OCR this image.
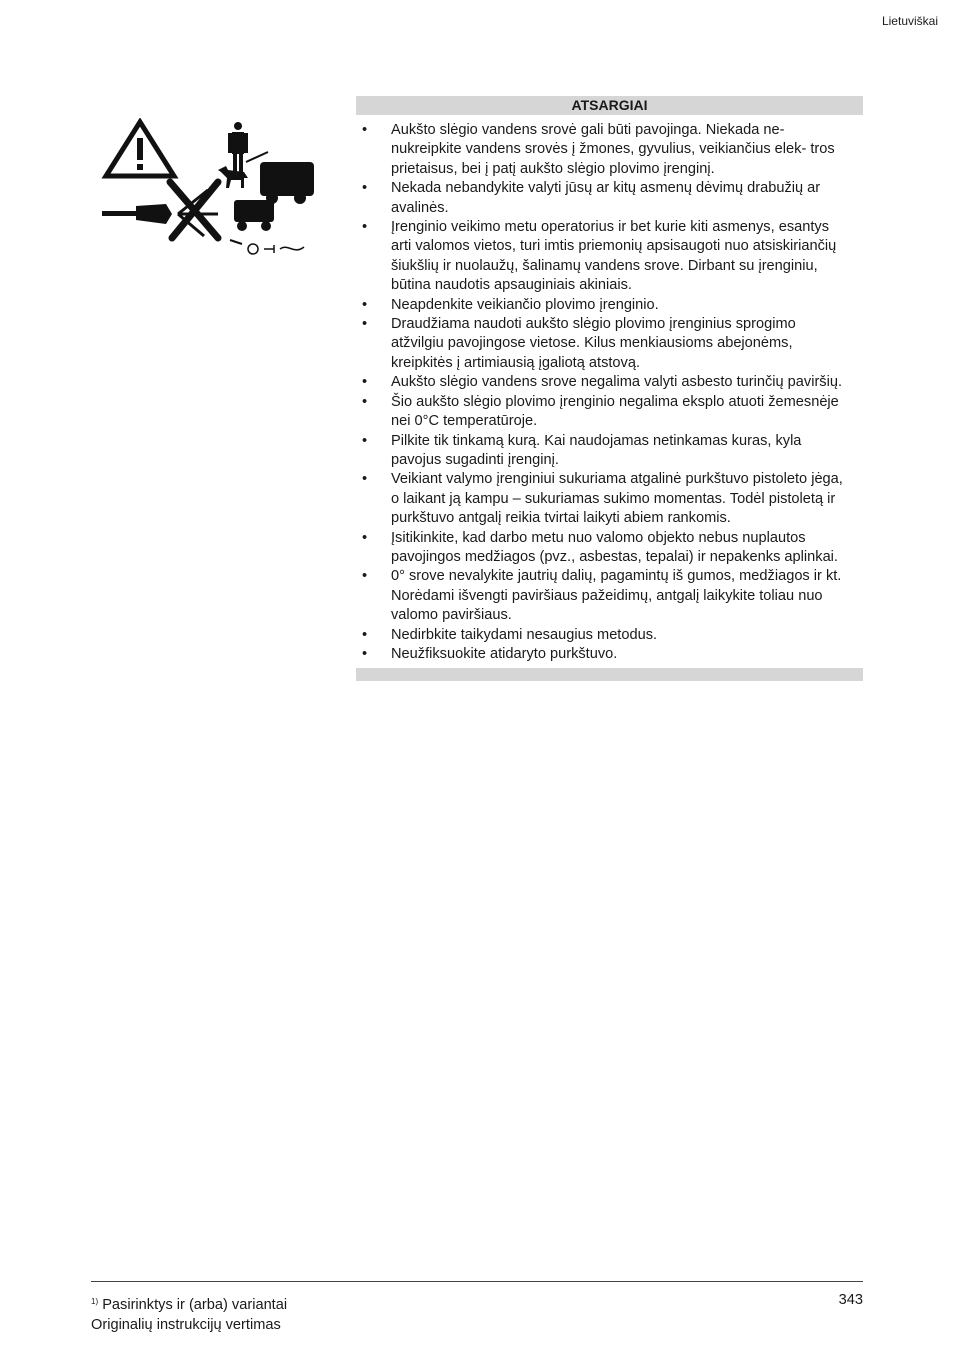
Lietuviškai
ATSARGIAI
• Aukšto slėgio vandens srovė gali būti pavojinga. Niekada ne- nukreipkite vandens srovės į žmones, gyvulius, veikiančius elek- tros prietaisus, bei į patį aukšto slėgio plovimo įrenginį.
• Nekada nebandykite valyti jūsų ar kitų asmenų dėvimų drabužių ar avalinės.
• Įrenginio veikimo metu operatorius ir bet kurie kiti asmenys, esantys arti valomos vietos, turi imtis priemonių apsisaugoti nuo atsiskiriančių šiukšlių ir nuolaužų, šalinamų vandens srove. Dirbant su įrenginiu, būtina naudotis apsauginiais akiniais.
• Neapdenkite veikiančio plovimo įrenginio.
• Draudžiama naudoti aukšto slėgio plovimo įrenginius sprogimo atžvilgiu pavojingose vietose. Kilus menkiausioms abejonėms, kreipkitės į artimiausią įgaliotą atstovą.
• Aukšto slėgio vandens srove negalima valyti asbesto turinčių paviršių.
• Šio aukšto slėgio plovimo įrenginio negalima eksplo atuoti žemesnėje nei 0°C temperatūroje.
• Pilkite tik tinkamą kurą. Kai naudojamas netinkamas kuras, kyla pavojus sugadinti įrenginį.
• Veikiant valymo įrenginiui sukuriama atgalinė purkštuvo pistoleto jėga, o laikant ją kampu – sukuriamas sukimo momentas. Todėl pistoletą ir purkštuvo antgalį reikia tvirtai laikyti abiem rankomis.
• Įsitikinkite, kad darbo metu nuo valomo objekto nebus nuplautos pavojingos medžiagos (pvz., asbestas, tepalai) ir nepakenks aplinkai.
• 0° srove nevalykite jautrių dalių, pagamintų iš gumos, medžiagos ir kt. Norėdami išvengti paviršiaus pažeidimų, antgalį laikykite toliau nuo valomo paviršiaus.
• Nedirbkite taikydami nesaugius metodus.
• Neužfiksuokite atidaryto purkštuvo.
$^{1)}$ Pasirinktys ir (arba) variantai
Originalių instrukcijų vertimas
343
